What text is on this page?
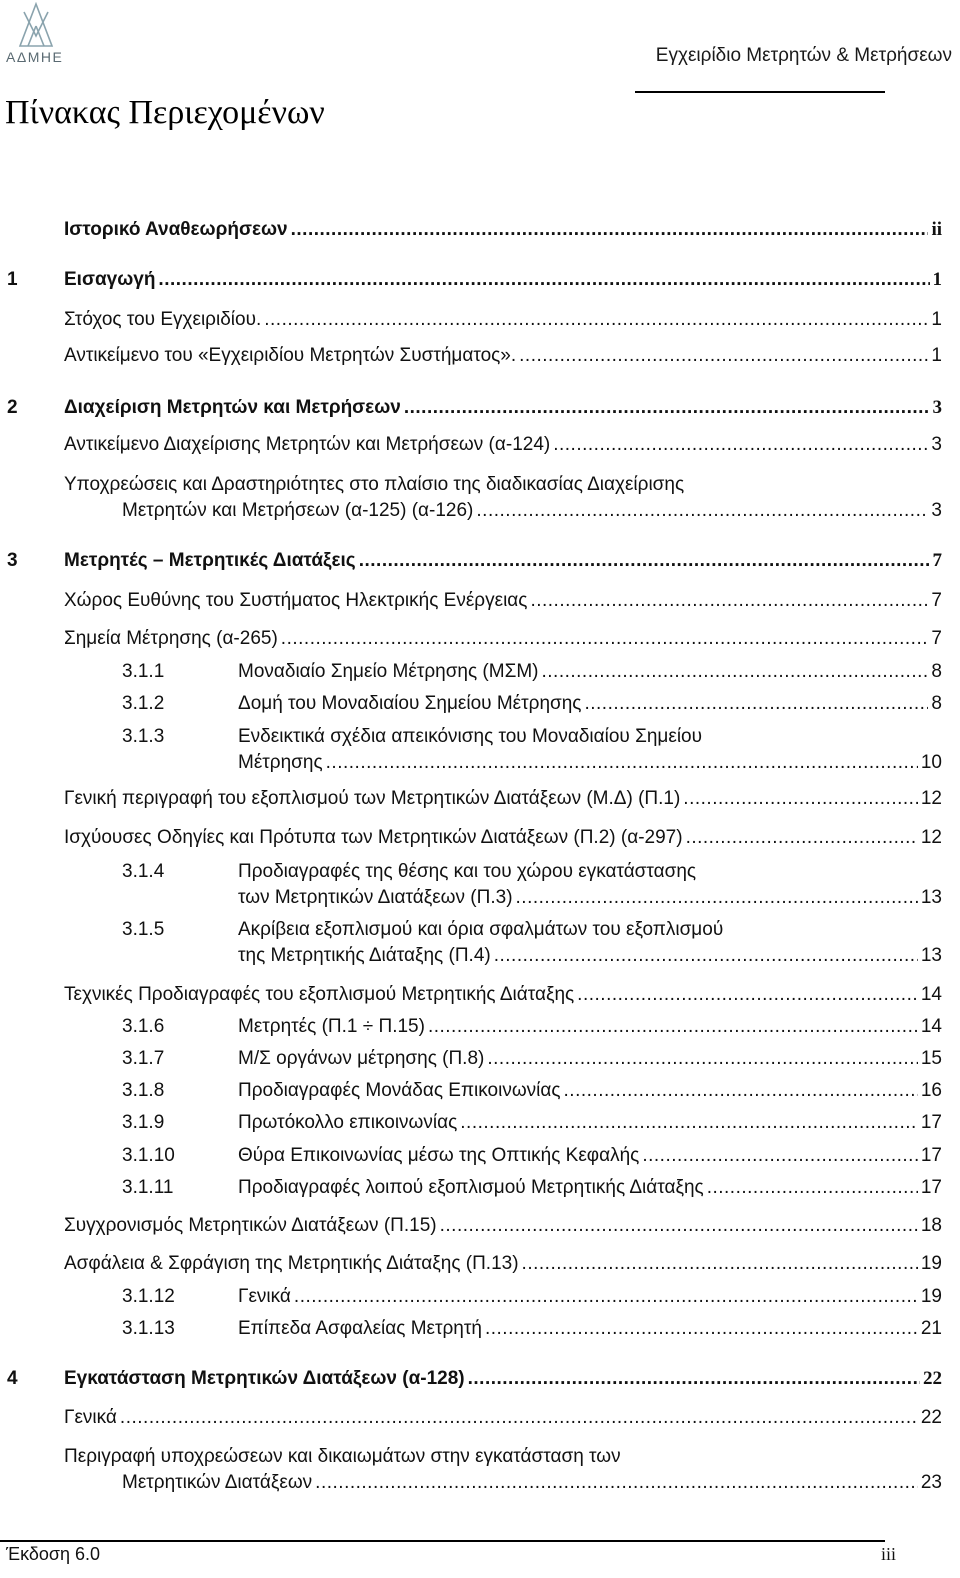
ΑΔΜΗΕ	Εγχειρίδιο Μετρητών & Μετρήσεων
Πίνακας Περιεχομένων
Ιστορικό Αναθεωρήσεων .....	ii
1 Εισαγωγή .....	1
Στόχος του Εγχειριδίου. .....	1
Αντικείμενο του «Εγχειριδίου Μετρητών Συστήματος». .....	1
2 Διαχείριση Μετρητών και Μετρήσεων .....	3
Αντικείμενο Διαχείρισης Μετρητών και Μετρήσεων (α-124) .....	3
Υποχρεώσεις και Δραστηριότητες στο πλαίσιο της διαδικασίας Διαχείρισης
Μετρητών και Μετρήσεων (α-125) (α-126) .....	3
3 Μετρητές – Μετρητικές Διατάξεις .....	7
Χώρος Ευθύνης του Συστήματος Ηλεκτρικής Ενέργειας .....	7
Σημεία Μέτρησης (α-265) .....	7
3.1.1	Μοναδιαίο Σημείο Μέτρησης (ΜΣΜ) .....	8
3.1.2	Δομή του Μοναδιαίου Σημείου Μέτρησης .....	8
3.1.3	Ενδεικτικά σχέδια απεικόνισης του Μοναδιαίου Σημείου
Μέτρησης .....	10
Γενική περιγραφή του εξοπλισμού των Μετρητικών Διατάξεων (Μ.Δ) (Π.1) .....	12
Ισχύουσες Οδηγίες και Πρότυπα των Μετρητικών Διατάξεων (Π.2) (α-297) .....	12
3.1.4	Προδιαγραφές της θέσης και του χώρου εγκατάστασης
των Μετρητικών Διατάξεων (Π.3) .....	13
3.1.5	Ακρίβεια εξοπλισμού και όρια σφαλμάτων του εξοπλισμού
της Μετρητικής Διάταξης (Π.4) .....	13
Τεχνικές Προδιαγραφές του εξοπλισμού Μετρητικής Διάταξης .....	14
3.1.6	Μετρητές (Π.1 ÷ Π.15) .....	14
3.1.7	Μ/Σ οργάνων μέτρησης (Π.8) .....	15
3.1.8	Προδιαγραφές Μονάδας Επικοινωνίας .....	16
3.1.9	Πρωτόκολλο επικοινωνίας .....	17
3.1.10	Θύρα Επικοινωνίας μέσω της Οπτικής Κεφαλής .....	17
3.1.11	Προδιαγραφές λοιπού εξοπλισμού Μετρητικής Διάταξης .....	17
Συγχρονισμός Μετρητικών Διατάξεων (Π.15) .....	18
Ασφάλεια & Σφράγιση της Μετρητικής Διάταξης (Π.13) .....	19
3.1.12	Γενικά .....	19
3.1.13	Επίπεδα Ασφαλείας Μετρητή .....	21
4 Εγκατάσταση Μετρητικών Διατάξεων (α-128) .....	22
Γενικά .....	22
Περιγραφή υποχρεώσεων και δικαιωμάτων στην εγκατάσταση των
Μετρητικών Διατάξεων .....	23
Έκδοση 6.0	iii
